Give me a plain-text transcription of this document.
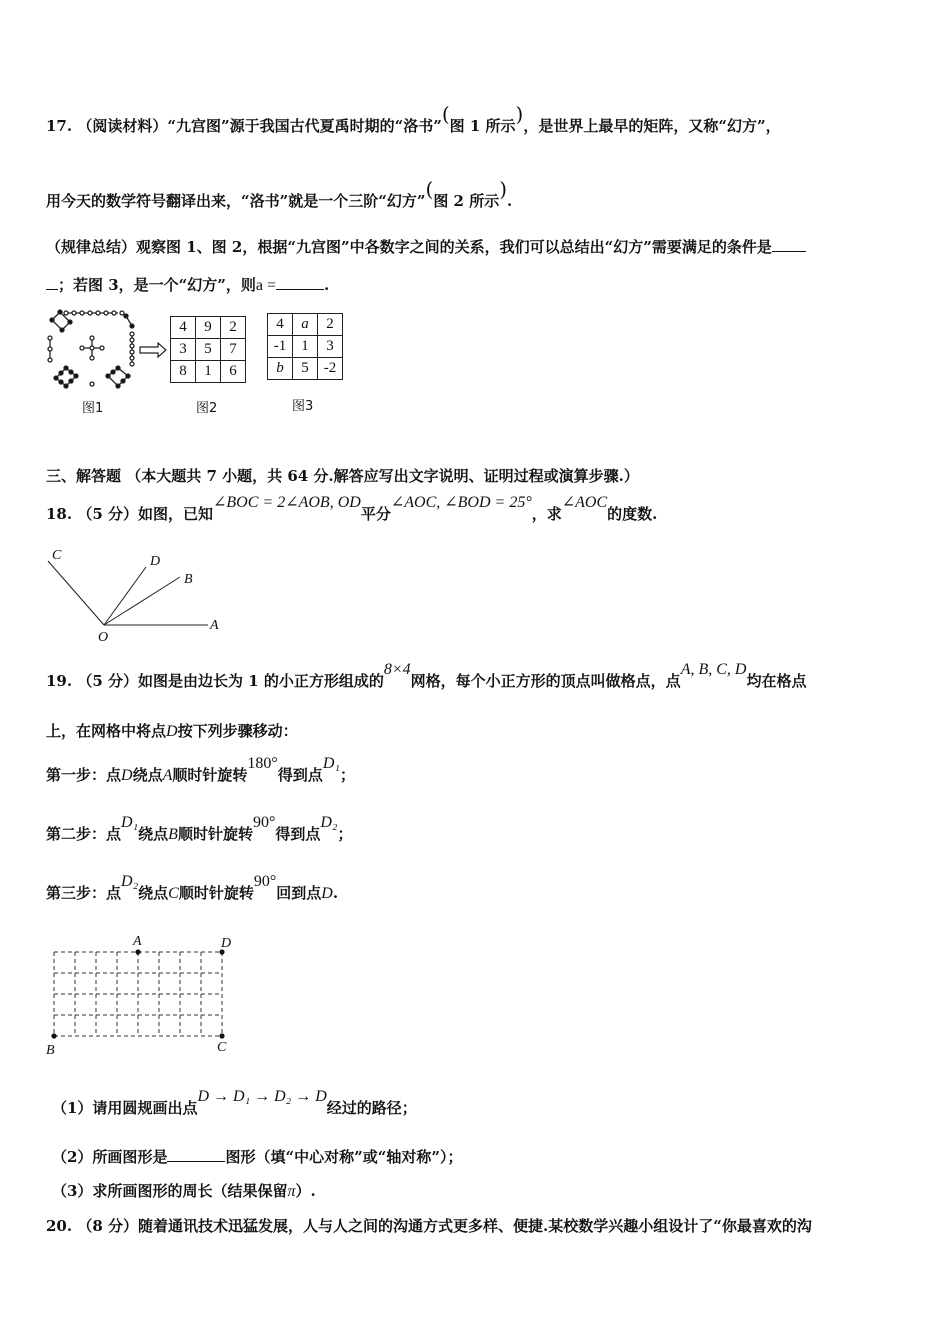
17. （阅读材料）“九宫图”源于我国古代夏禹时期的“洛书”(图 1 所示)，是世界上最早的矩阵，又称“幻方”，
用今天的数学符号翻译出来，“洛书”就是一个三阶“幻方”(图 2 所示).
（规律总结）观察图 1、图 2，根据“九宫图”中各数字之间的关系，我们可以总结出“幻方”需要满足的条件是
；若图 3，是一个“幻方”，则a =	.
图1
4	9	2
3	5	7
8	1	6
图2
4	a	2
-1	1	3
b	5	-2
图3
三、解答题 （本大题共 7 小题，共 64 分.解答应写出文字说明、证明过程或演算步骤.）
18. （5 分）如图，已知∠BOC = 2∠AOB, OD平分∠AOC, ∠BOD = 25°，求∠AOC的度数.
C	D
B
O
A
19. （5 分）如图是由边长为 1 的小正方形组成的8×4网格，每个小正方形的顶点叫做格点，点A, B, C, D均在格点
上，在网格中将点D按下列步骤移动：
第一步：点D绕点A顺时针旋转180°得到点D₁；
第二步：点D₁绕点B顺时针旋转90°得到点D₂；
第三步：点D₂绕点C顺时针旋转90°回到点D.
A	D
B	C
（1）请用圆规画出点D → D₁ → D₂ → D经过的路径；
（2）所画图形是	图形（填“中心对称”或“轴对称”）；
（3）求所画图形的周长（结果保留π）.
20. （8 分）随着通讯技术迅猛发展，人与人之间的沟通方式更多样、便捷.某校数学兴趣小组设计了“你最喜欢的沟
